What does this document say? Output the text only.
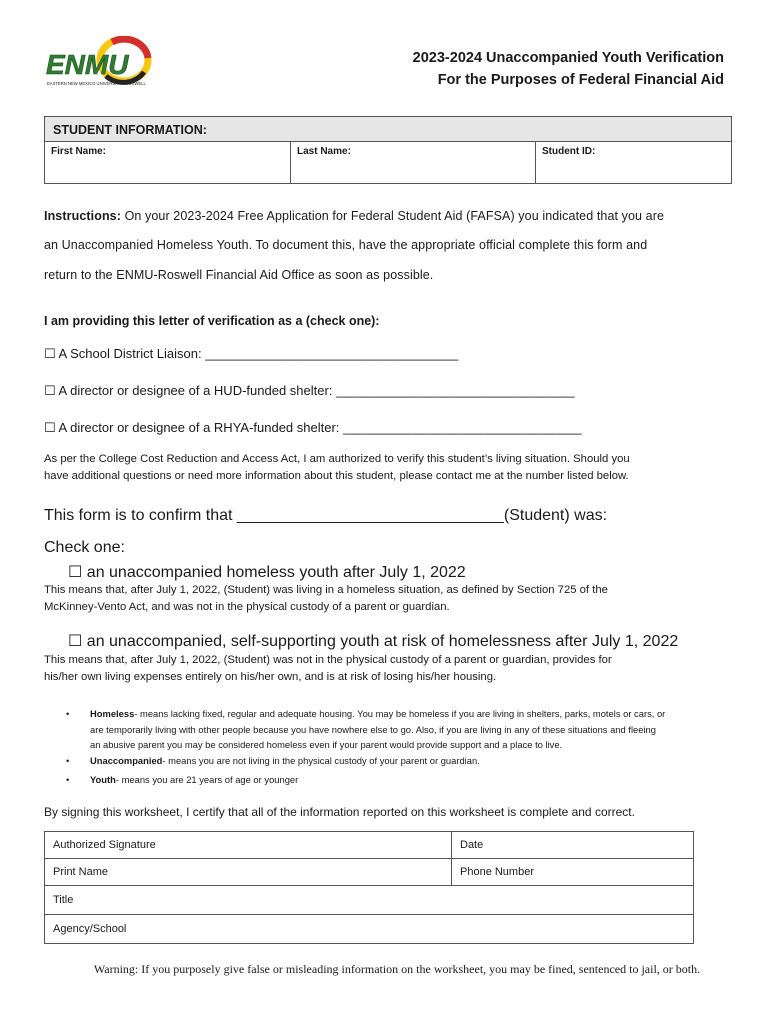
ENMU
EASTERN NEW MEXICO UNIVERSITY · ROSWELL
2023-2024 Unaccompanied Youth Verification
For the Purposes of Federal Financial Aid
STUDENT INFORMATION:
First Name:	Last Name:	Student ID:
Instructions: On your 2023-2024 Free Application for Federal Student Aid (FAFSA) you indicated that you are
an Unaccompanied Homeless Youth. To document this, have the appropriate official complete this form and
return to the ENMU-Roswell Financial Aid Office as soon as possible.
I am providing this letter of verification as a (check one):
☐ A School District Liaison: ___________________________________
☐ A director or designee of a HUD-funded shelter: _________________________________
☐ A director or designee of a RHYA-funded shelter: _________________________________
As per the College Cost Reduction and Access Act, I am authorized to verify this student’s living situation. Should you
have additional questions or need more information about this student, please contact me at the number listed below.
This form is to confirm that ______________________________(Student) was:
Check one:
☐ an unaccompanied homeless youth after July 1, 2022
This means that, after July 1, 2022, (Student) was living in a homeless situation, as defined by Section 725 of the
McKinney-Vento Act, and was not in the physical custody of a parent or guardian.
☐ an unaccompanied, self-supporting youth at risk of homelessness after July 1, 2022
This means that, after July 1, 2022, (Student) was not in the physical custody of a parent or guardian, provides for
his/her own living expenses entirely on his/her own, and is at risk of losing his/her housing.
• Homeless- means lacking fixed, regular and adequate housing. You may be homeless if you are living in shelters, parks, motels or cars, or
are temporarily living with other people because you have nowhere else to go. Also, if you are living in any of these situations and fleeing
an abusive parent you may be considered homeless even if your parent would provide support and a place to live.
• Unaccompanied- means you are not living in the physical custody of your parent or guardian.
• Youth- means you are 21 years of age or younger
By signing this worksheet, I certify that all of the information reported on this worksheet is complete and correct.
Authorized Signature	Date
Print Name	Phone Number
Title	
Agency/School	
Warning: If you purposely give false or misleading information on the worksheet, you may be fined, sentenced to jail, or both.
